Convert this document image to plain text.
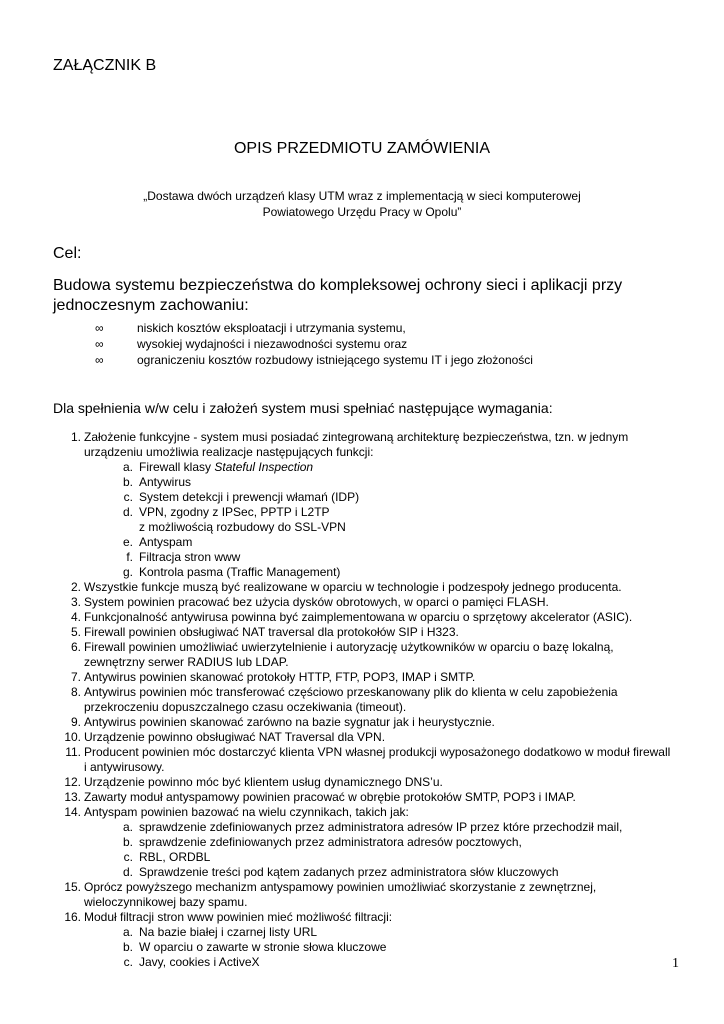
ZAŁĄCZNIK B
OPIS PRZEDMIOTU ZAMÓWIENIA
„Dostawa dwóch urządzeń klasy UTM wraz z implementacją w sieci komputerowej
Powiatowego Urzędu Pracy w Opolu”
Cel:
Budowa systemu bezpieczeństwa do kompleksowej ochrony sieci i aplikacji przy jednoczesnym zachowaniu:
∞	niskich kosztów eksploatacji i utrzymania systemu,
∞	wysokiej wydajności i niezawodności systemu oraz
∞	ograniczeniu kosztów rozbudowy istniejącego systemu IT i jego złożoności
Dla spełnienia w/w celu i założeń system musi spełniać następujące wymagania:
1. Założenie funkcyjne - system musi posiadać zintegrowaną architekturę bezpieczeństwa, tzn. w jednym urządzeniu umożliwia realizacje następujących funkcji:
a. Firewall klasy Stateful Inspection
b. Antywirus
c. System detekcji i prewencji włamań (IDP)
d. VPN, zgodny z IPSec, PPTP i L2TP
z możliwością rozbudowy do SSL-VPN
e. Antyspam
f. Filtracja stron www
g. Kontrola pasma (Traffic Management)
2. Wszystkie funkcje muszą być realizowane w oparciu w technologie i podzespoły jednego producenta.
3. System powinien pracować bez użycia dysków obrotowych, w oparci o pamięci FLASH.
4. Funkcjonalność antywirusa powinna być zaimplementowana w oparciu o sprzętowy akcelerator (ASIC).
5. Firewall powinien obsługiwać NAT traversal dla protokołów SIP i H323.
6. Firewall powinien umożliwiać uwierzytelnienie i autoryzację użytkowników w oparciu o bazę lokalną, zewnętrzny serwer RADIUS lub LDAP.
7. Antywirus powinien skanować protokoły HTTP, FTP, POP3, IMAP i SMTP.
8. Antywirus powinien móc transferować częściowo przeskanowany plik do klienta w celu zapobieżenia przekroczeniu dopuszczalnego czasu oczekiwania (timeout).
9. Antywirus powinien skanować zarówno na bazie sygnatur jak i heurystycznie.
10. Urządzenie powinno obsługiwać NAT Traversal dla VPN.
11. Producent powinien móc dostarczyć klienta VPN własnej produkcji wyposażonego dodatkowo w moduł firewall i antywirusowy.
12. Urządzenie powinno móc być klientem usług dynamicznego DNS’u.
13. Zawarty moduł antyspamowy powinien pracować w obrębie protokołów SMTP, POP3 i IMAP.
14. Antyspam powinien bazować na wielu czynnikach, takich jak:
a. sprawdzenie zdefiniowanych przez administratora adresów IP przez które przechodził mail,
b. sprawdzenie zdefiniowanych przez administratora adresów pocztowych,
c. RBL, ORDBL
d. Sprawdzenie treści pod kątem zadanych przez administratora słów kluczowych
15. Oprócz powyższego mechanizm antyspamowy powinien umożliwiać skorzystanie z zewnętrznej, wieloczynnikowej bazy spamu.
16. Moduł filtracji stron www powinien mieć możliwość filtracji:
a. Na bazie białej i czarnej listy URL
b. W oparciu o zawarte w stronie słowa kluczowe
c. Javy, cookies i ActiveX	1
